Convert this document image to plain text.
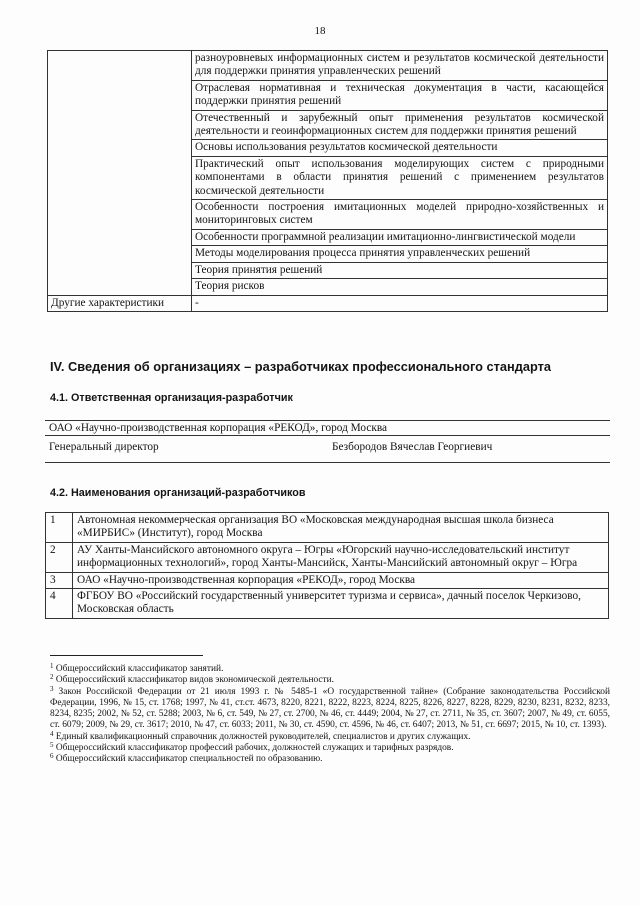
18
	разноуровневых информационных систем и результатов космической деятельности для поддержки принятия управленческих решений
	Отраслевая нормативная и техническая документация в части, касающейся поддержки принятия решений
	Отечественный и зарубежный опыт применения результатов космической деятельности и геоинформационных систем для поддержки принятия решений
	Основы использования результатов космической деятельности
	Практический опыт использования моделирующих систем с природными компонентами в области принятия решений с применением результатов космической деятельности
	Особенности построения имитационных моделей природно-хозяйственных и мониторинговых систем
	Особенности программной реализации имитационно-лингвистической модели
	Методы моделирования процесса принятия управленческих решений
	Теория принятия решений
	Теория рисков
Другие характеристики	-
IV. Сведения об организациях – разработчиках профессионального стандарта
4.1. Ответственная организация-разработчик
ОАО «Научно-производственная корпорация «РЕКОД», город Москва
Генеральный директор	Безбородов Вячеслав Георгиевич
4.2. Наименования организаций-разработчиков
1	Автономная некоммерческая организация ВО «Московская международная высшая школа бизнеса «МИРБИС» (Институт), город Москва
2	АУ Ханты-Мансийского автономного округа – Югры «Югорский научно-исследовательский институт информационных технологий», город Ханты-Мансийск, Ханты-Мансийский автономный округ – Югра
3	ОАО «Научно-производственная корпорация «РЕКОД», город Москва
4	ФГБОУ ВО «Российский государственный университет туризма и сервиса», дачный поселок Черкизово, Московская область

$^1$ Общероссийский классификатор занятий.

$^2$ Общероссийский классификатор видов экономической деятельности.

$^3$ Закон Российской Федерации от 21 июля 1993 г. № 5485-1 «О государственной тайне» (Собрание законодательства Российской Федерации, 1996, № 15, ст. 1768; 1997, № 41, ст.ст. 4673, 8220, 8221, 8222, 8223, 8224, 8225, 8226, 8227, 8228, 8229, 8230, 8231, 8232, 8233, 8234, 8235; 2002, № 52, ст. 5288; 2003, № 6, ст. 549, № 27, ст. 2700, № 46, ст. 4449; 2004, № 27, ст. 2711, № 35, ст. 3607; 2007, № 49, ст. 6055, ст. 6079; 2009, № 29, ст. 3617; 2010, № 47, ст. 6033; 2011, № 30, ст. 4590, ст. 4596, № 46, ст. 6407; 2013, № 51, ст. 6697; 2015, № 10, ст. 1393).

$^4$ Единый квалификационный справочник должностей руководителей, специалистов и других служащих.

$^5$ Общероссийский классификатор профессий рабочих, должностей служащих и тарифных разрядов.

$^6$ Общероссийский классификатор специальностей по образованию.
